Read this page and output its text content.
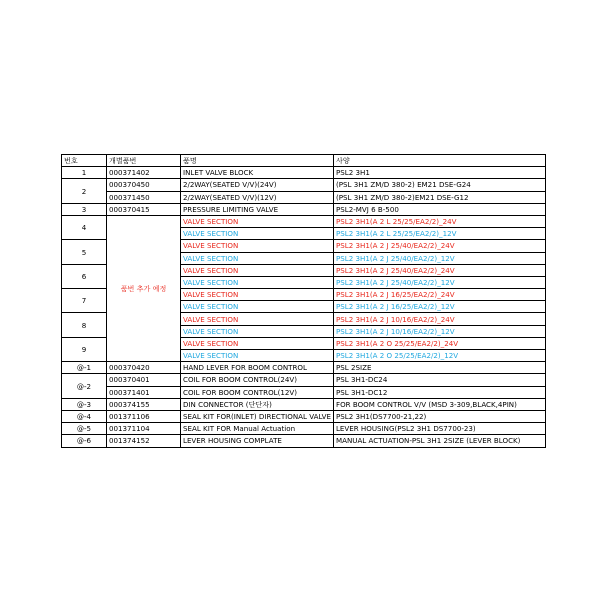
번호	개별품번	품명	사양
1	000371402	INLET VALVE BLOCK	PSL2 3H1
2	000370450	2/2WAY(SEATED V/V)(24V)	(PSL 3H1 ZM/D 380-2) EM21 DSE-G24
	000371450	2/2WAY(SEATED V/V)(12V)	(PSL 3H1 ZM/D 380-2)EM21 DSE-G12
3	000370415	PRESSURE LIMITING VALVE	PSL2-MVJ 6 B-500
4	품번 추가 예정	VALVE SECTION	PSL2 3H1(A 2 L 25/25/EA2/2)_24V
		VALVE SECTION	PSL2 3H1(A 2 L 25/25/EA2/2)_12V
5		VALVE SECTION	PSL2 3H1(A 2 J 25/40/EA2/2)_24V
		VALVE SECTION	PSL2 3H1(A 2 J 25/40/EA2/2)_12V
6		VALVE SECTION	PSL2 3H1(A 2 J 25/40/EA2/2)_24V
		VALVE SECTION	PSL2 3H1(A 2 J 25/40/EA2/2)_12V
7		VALVE SECTION	PSL2 3H1(A 2 J 16/25/EA2/2)_24V
		VALVE SECTION	PSL2 3H1(A 2 J 16/25/EA2/2)_12V
8		VALVE SECTION	PSL2 3H1(A 2 J 10/16/EA2/2)_24V
		VALVE SECTION	PSL2 3H1(A 2 J 10/16/EA2/2)_12V
9		VALVE SECTION	PSL2 3H1(A 2 O 25/25/EA2/2)_24V
		VALVE SECTION	PSL2 3H1(A 2 O 25/25/EA2/2)_12V
@-1	000370420	HAND LEVER FOR BOOM CONTROL	PSL 2SIZE
@-2	000370401	COIL FOR BOOM CONTROL(24V)	PSL 3H1-DC24
	000371401	COIL FOR BOOM CONTROL(12V)	PSL 3H1-DC12
@-3	000374155	DIN CONNECTOR (단단자)	FOR BOOM CONTROL V/V (MSD 3-309,BLACK,4PIN)
@-4	001371106	SEAL KIT FOR(INLET) DIRECTIONAL VALVE	PSL2 3H1(DS7700-21,22)
@-5	001371104	SEAL KIT FOR Manual Actuation	LEVER HOUSING(PSL2 3H1 DS7700-23)
@-6	001374152	LEVER HOUSING COMPLATE	MANUAL ACTUATION-PSL 3H1 2SIZE (LEVER BLOCK)
